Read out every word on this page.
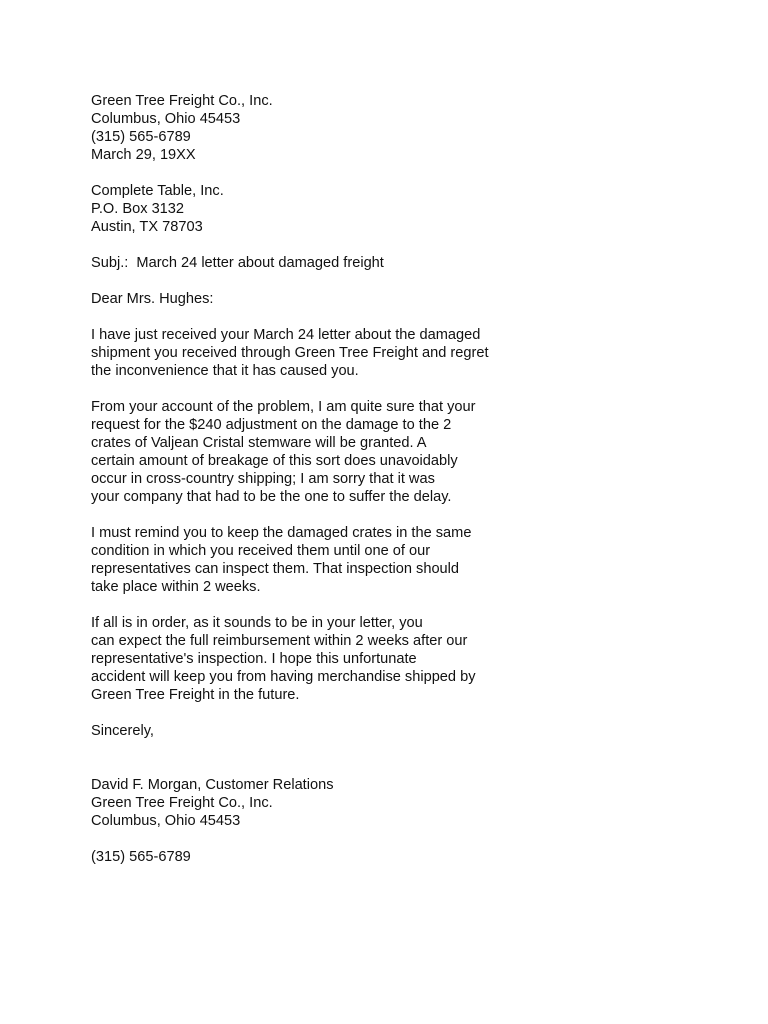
Green Tree Freight Co., Inc.
Columbus, Ohio 45453
(315) 565-6789
March 29, 19XX
Complete Table, Inc.
P.O. Box 3132
Austin, TX 78703
Subj.:  March 24 letter about damaged freight
Dear Mrs. Hughes:
I have just received your March 24 letter about the damaged
shipment you received through Green Tree Freight and regret
the inconvenience that it has caused you.
From your account of the problem, I am quite sure that your
request for the $240 adjustment on the damage to the 2
crates of Valjean Cristal stemware will be granted. A
certain amount of breakage of this sort does unavoidably
occur in cross-country shipping; I am sorry that it was
your company that had to be the one to suffer the delay.
I must remind you to keep the damaged crates in the same
condition in which you received them until one of our
representatives can inspect them. That inspection should
take place within 2 weeks.
If all is in order, as it sounds to be in your letter, you
can expect the full reimbursement within 2 weeks after our
representative's inspection. I hope this unfortunate
accident will keep you from having merchandise shipped by
Green Tree Freight in the future.
Sincerely,
David F. Morgan, Customer Relations
Green Tree Freight Co., Inc.
Columbus, Ohio 45453
(315) 565-6789
